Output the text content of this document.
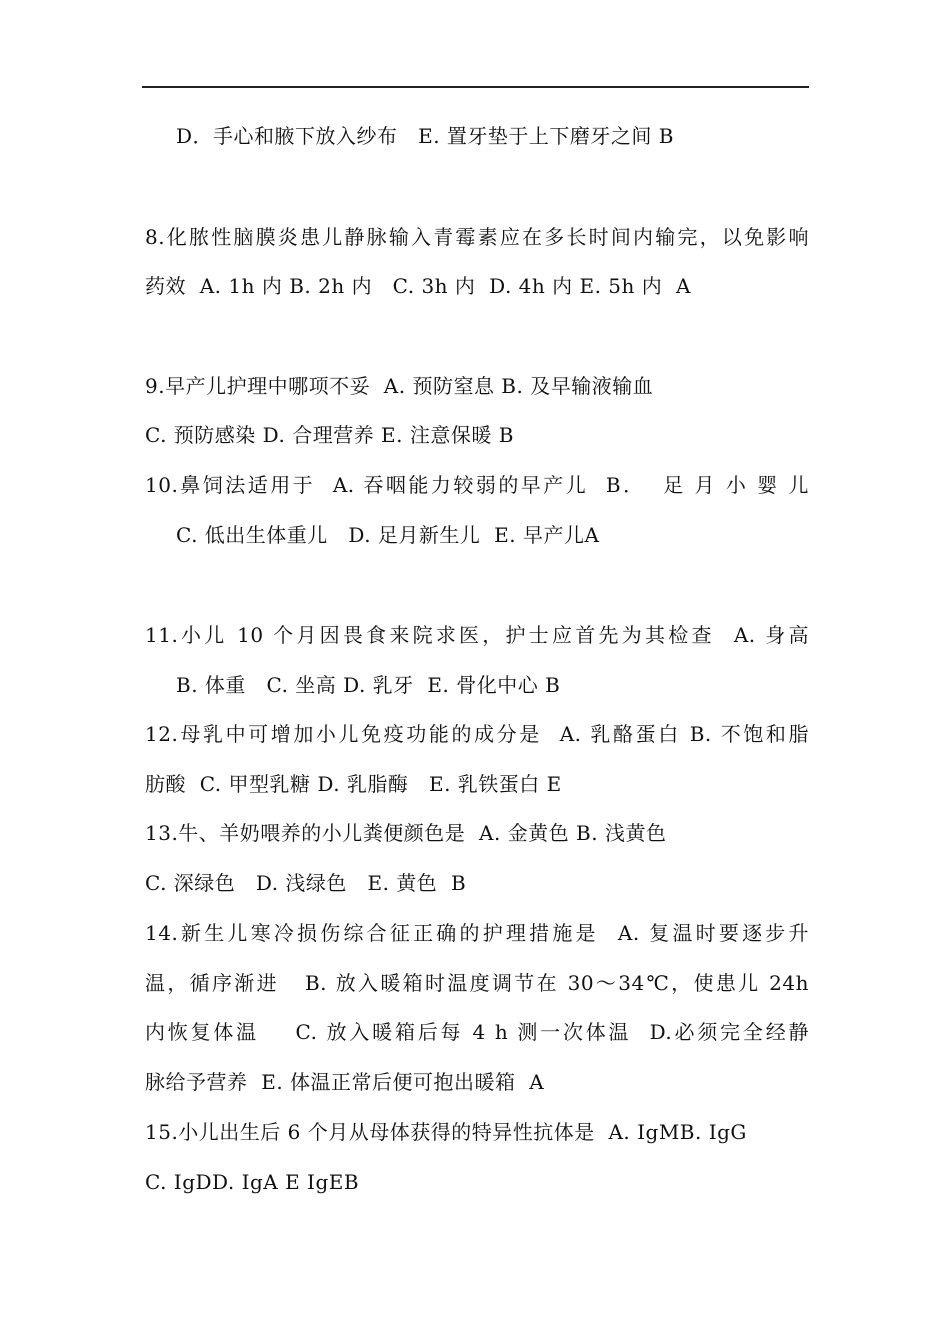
D．手心和腋下放入纱布   E. 置牙垫于上下磨牙之间 B
8.化脓性脑膜炎患儿静脉输入青霉素应在多长时间内输完，以免影响
药效  A. 1h 内 B. 2h 内   C. 3h 内  D. 4h 内 E. 5h 内  A
9.早产儿护理中哪项不妥  A. 预防窒息 B. 及早输液输血
C. 预防感染 D. 合理营养 E. 注意保暖 B
10.鼻饲法适用于  A. 吞咽能力较弱的早产儿  B．  足 月 小 婴 儿
C. 低出生体重儿   D. 足月新生儿  E. 早产儿A
11.小儿 10 个月因畏食来院求医，护士应首先为其检查  A. 身高
B. 体重   C. 坐高 D. 乳牙  E. 骨化中心 B
12.母乳中可增加小儿免疫功能的成分是  A. 乳酪蛋白 B. 不饱和脂
肪酸  C. 甲型乳糖 D. 乳脂酶   E. 乳铁蛋白 E
13.牛、羊奶喂养的小儿粪便颜色是  A. 金黄色 B. 浅黄色
C. 深绿色   D. 浅绿色   E. 黄色  B
14.新生儿寒冷损伤综合征正确的护理措施是  A. 复温时要逐步升
温，循序渐进   B. 放入暖箱时温度调节在 30～34℃，使患儿 24h
内恢复体温    C. 放入暖箱后每 4 h 测一次体温  D.必须完全经静
脉给予营养  E. 体温正常后便可抱出暖箱  A
15.小儿出生后 6 个月从母体获得的特异性抗体是  A. IgMB. IgG
C. IgDD. IgA E IgEB
